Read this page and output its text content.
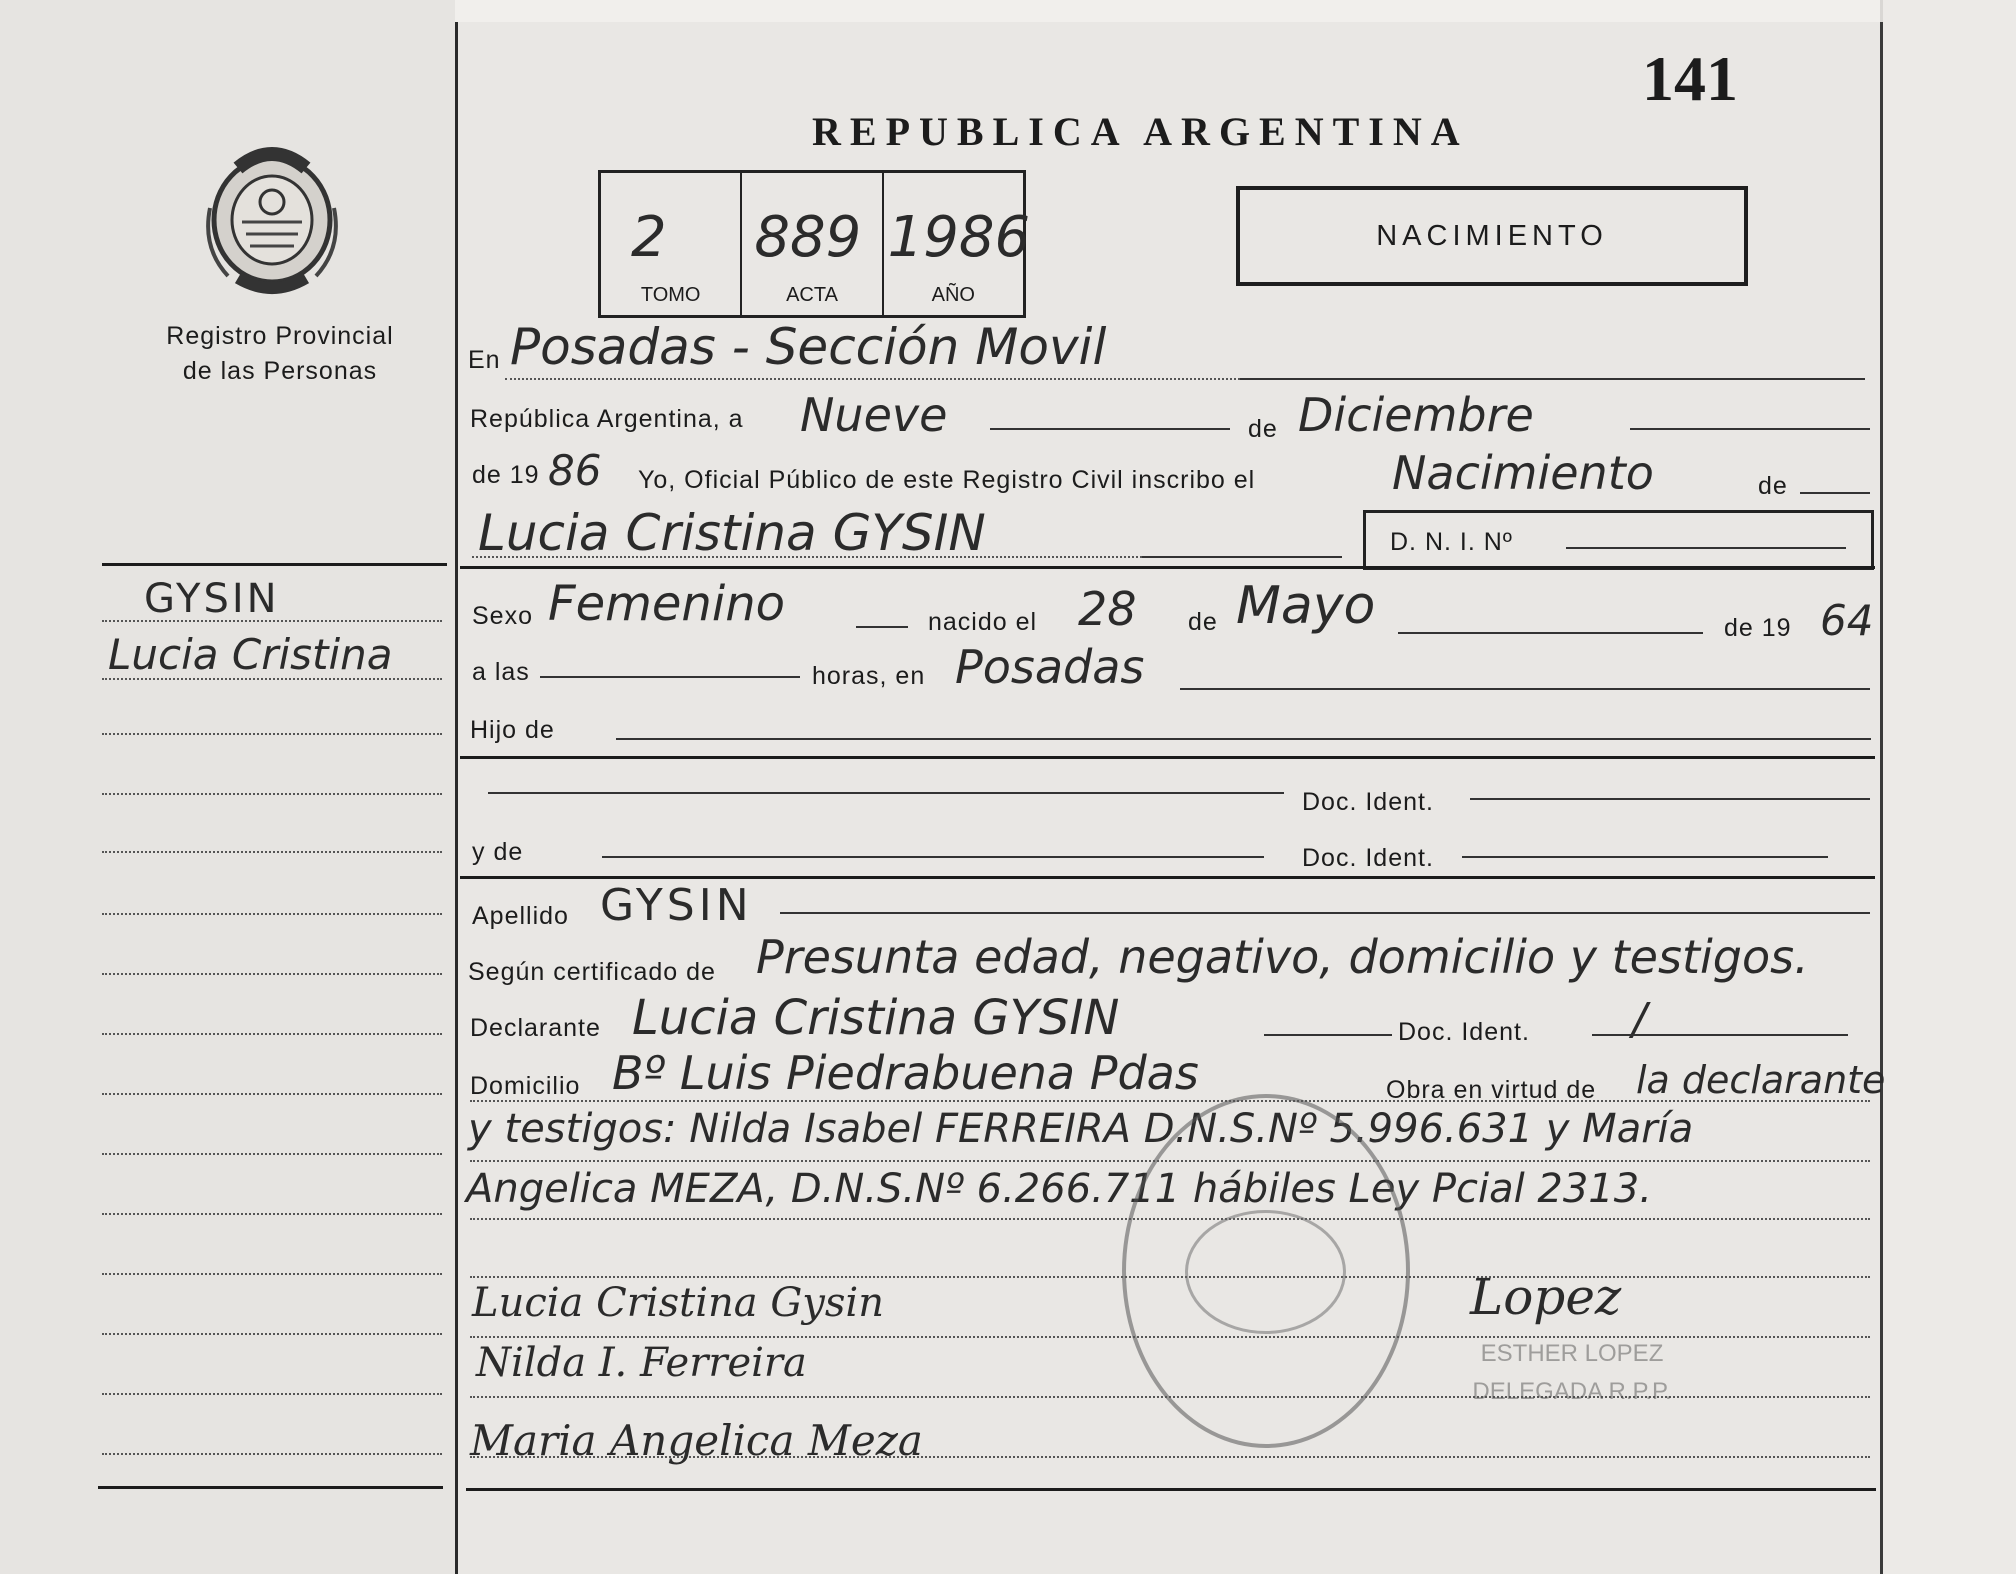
Registro Provincial
de las Personas
GYSIN
Lucia Cristina
141
REPUBLICA ARGENTINA
2
TOMO
889
ACTA
1986
AÑO
NACIMIENTO
En Posadas - Sección Movil
República Argentina, a Nueve	de Diciembre
de 19 86 Yo, Oficial Público de este Registro Civil inscribo el	Nacimiento	de
Lucia Cristina GYSIN	D. N. I. Nº
Sexo Femenino	nacido el 28 de Mayo	de 19 64
a las	horas, en Posadas
Hijo de
Doc. Ident.
y de	Doc. Ident.
Apellido GYSIN
Según certificado de Presunta edad, negativo, domicilio y testigos.
Declarante Lucia Cristina GYSIN	Doc. Ident. /
Domicilio Bº Luis Piedrabuena Pdas	Obra en virtud de la declarante
y testigos: Nilda Isabel FERREIRA D.N.S.Nº 5.996.631 y María
Angelica MEZA, D.N.S.Nº 6.266.711 hábiles Ley Pcial 2313.
ESTHER LOPEZ
DELEGADA R.P.P.
Lucia Cristina Gysin
Nilda I. Ferreira
Maria Angelica Meza
Lopez
